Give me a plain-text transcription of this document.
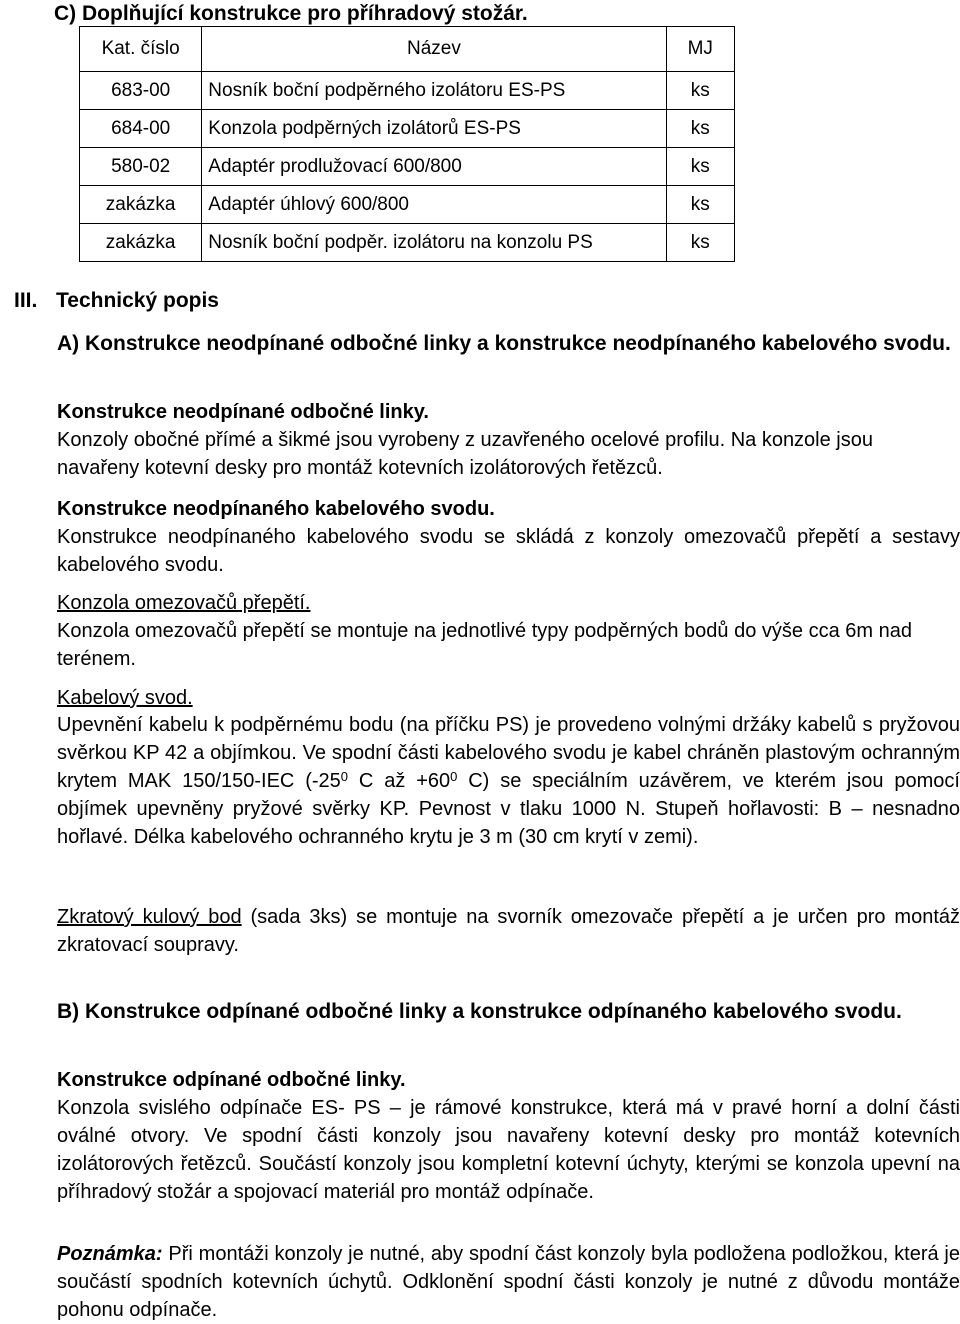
C) Doplňující konstrukce pro příhradový stožár.
Kat. číslo	Název	MJ
683-00	Nosník boční podpěrného izolátoru ES-PS	ks
684-00	Konzola podpěrných izolátorů ES-PS	ks
580-02	Adaptér prodlužovací 600/800	ks
zakázka	Adaptér úhlový 600/800	ks
zakázka	Nosník boční podpěr. izolátoru na konzolu PS	ks
III. Technický popis
A) Konstrukce neodpínané odbočné linky a konstrukce neodpínaného kabelového svodu.
Konstrukce neodpínané odbočné linky.
Konzoly obočné přímé a šikmé jsou vyrobeny z uzavřeného ocelové profilu. Na konzole jsou navařeny kotevní desky pro montáž kotevních izolátorových řetězců.
Konstrukce neodpínaného kabelového svodu.
Konstrukce neodpínaného kabelového svodu se skládá z konzoly omezovačů přepětí a sestavy kabelového svodu.
Konzola omezovačů přepětí.
Konzola omezovačů přepětí se montuje na jednotlivé typy podpěrných bodů do výše cca 6m nad terénem.
Kabelový svod.
Upevnění kabelu k podpěrnému bodu (na příčku PS) je provedeno volnými držáky kabelů s pryžovou svěrkou KP 42 a objímkou. Ve spodní části kabelového svodu je kabel chráněn plastovým ochranným krytem MAK 150/150-IEC ($-25^0$ C až $+60^0$ C) se speciálním uzávěrem, ve kterém jsou pomocí objímek upevněny pryžové svěrky KP. Pevnost v tlaku 1000 N. Stupeň hořlavosti: B – nesnadno hořlavé. Délka kabelového ochranného krytu je 3 m (30 cm krytí v zemi).
Zkratový kulový bod (sada 3ks) se montuje na svorník omezovače přepětí a je určen pro montáž zkratovací soupravy.
B) Konstrukce odpínané odbočné linky a konstrukce odpínaného kabelového svodu.
Konstrukce odpínané odbočné linky.
Konzola svislého odpínače ES- PS – je rámové konstrukce, která má v pravé horní a dolní části oválné otvory. Ve spodní části konzoly jsou navařeny kotevní desky pro montáž kotevních izolátorových řetězců. Součástí konzoly jsou kompletní kotevní úchyty, kterými se konzola upevní na příhradový stožár a spojovací materiál pro montáž odpínače.
Poznámka: Při montáži konzoly je nutné, aby spodní část konzoly byla podložena podložkou, která je součástí spodních kotevních úchytů. Odklonění spodní části konzoly je nutné z důvodu montáže pohonu odpínače.
